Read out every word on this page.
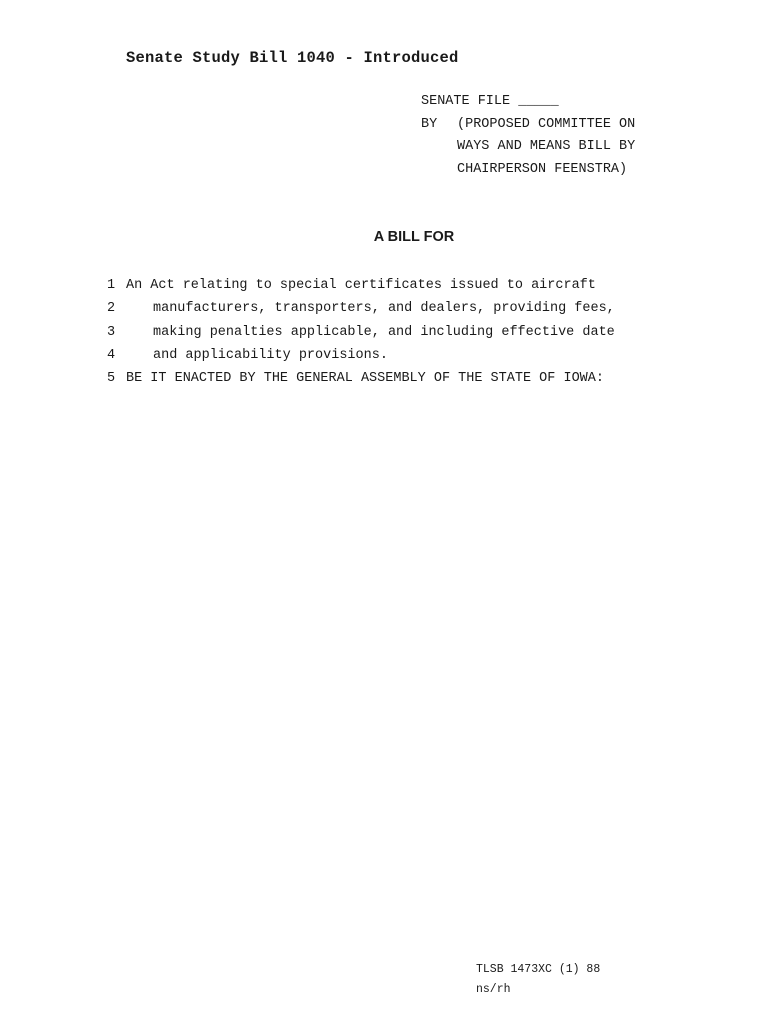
Senate Study Bill 1040 - Introduced
SENATE FILE _____
BY	(PROPOSED COMMITTEE ON
WAYS AND MEANS BILL BY
CHAIRPERSON FEENSTRA)
A BILL FOR
1 An Act relating to special certificates issued to aircraft
2	manufacturers, transporters, and dealers, providing fees,
3	making penalties applicable, and including effective date
4	and applicability provisions.
5 BE IT ENACTED BY THE GENERAL ASSEMBLY OF THE STATE OF IOWA:
TLSB 1473XC (1) 88
ns/rh
